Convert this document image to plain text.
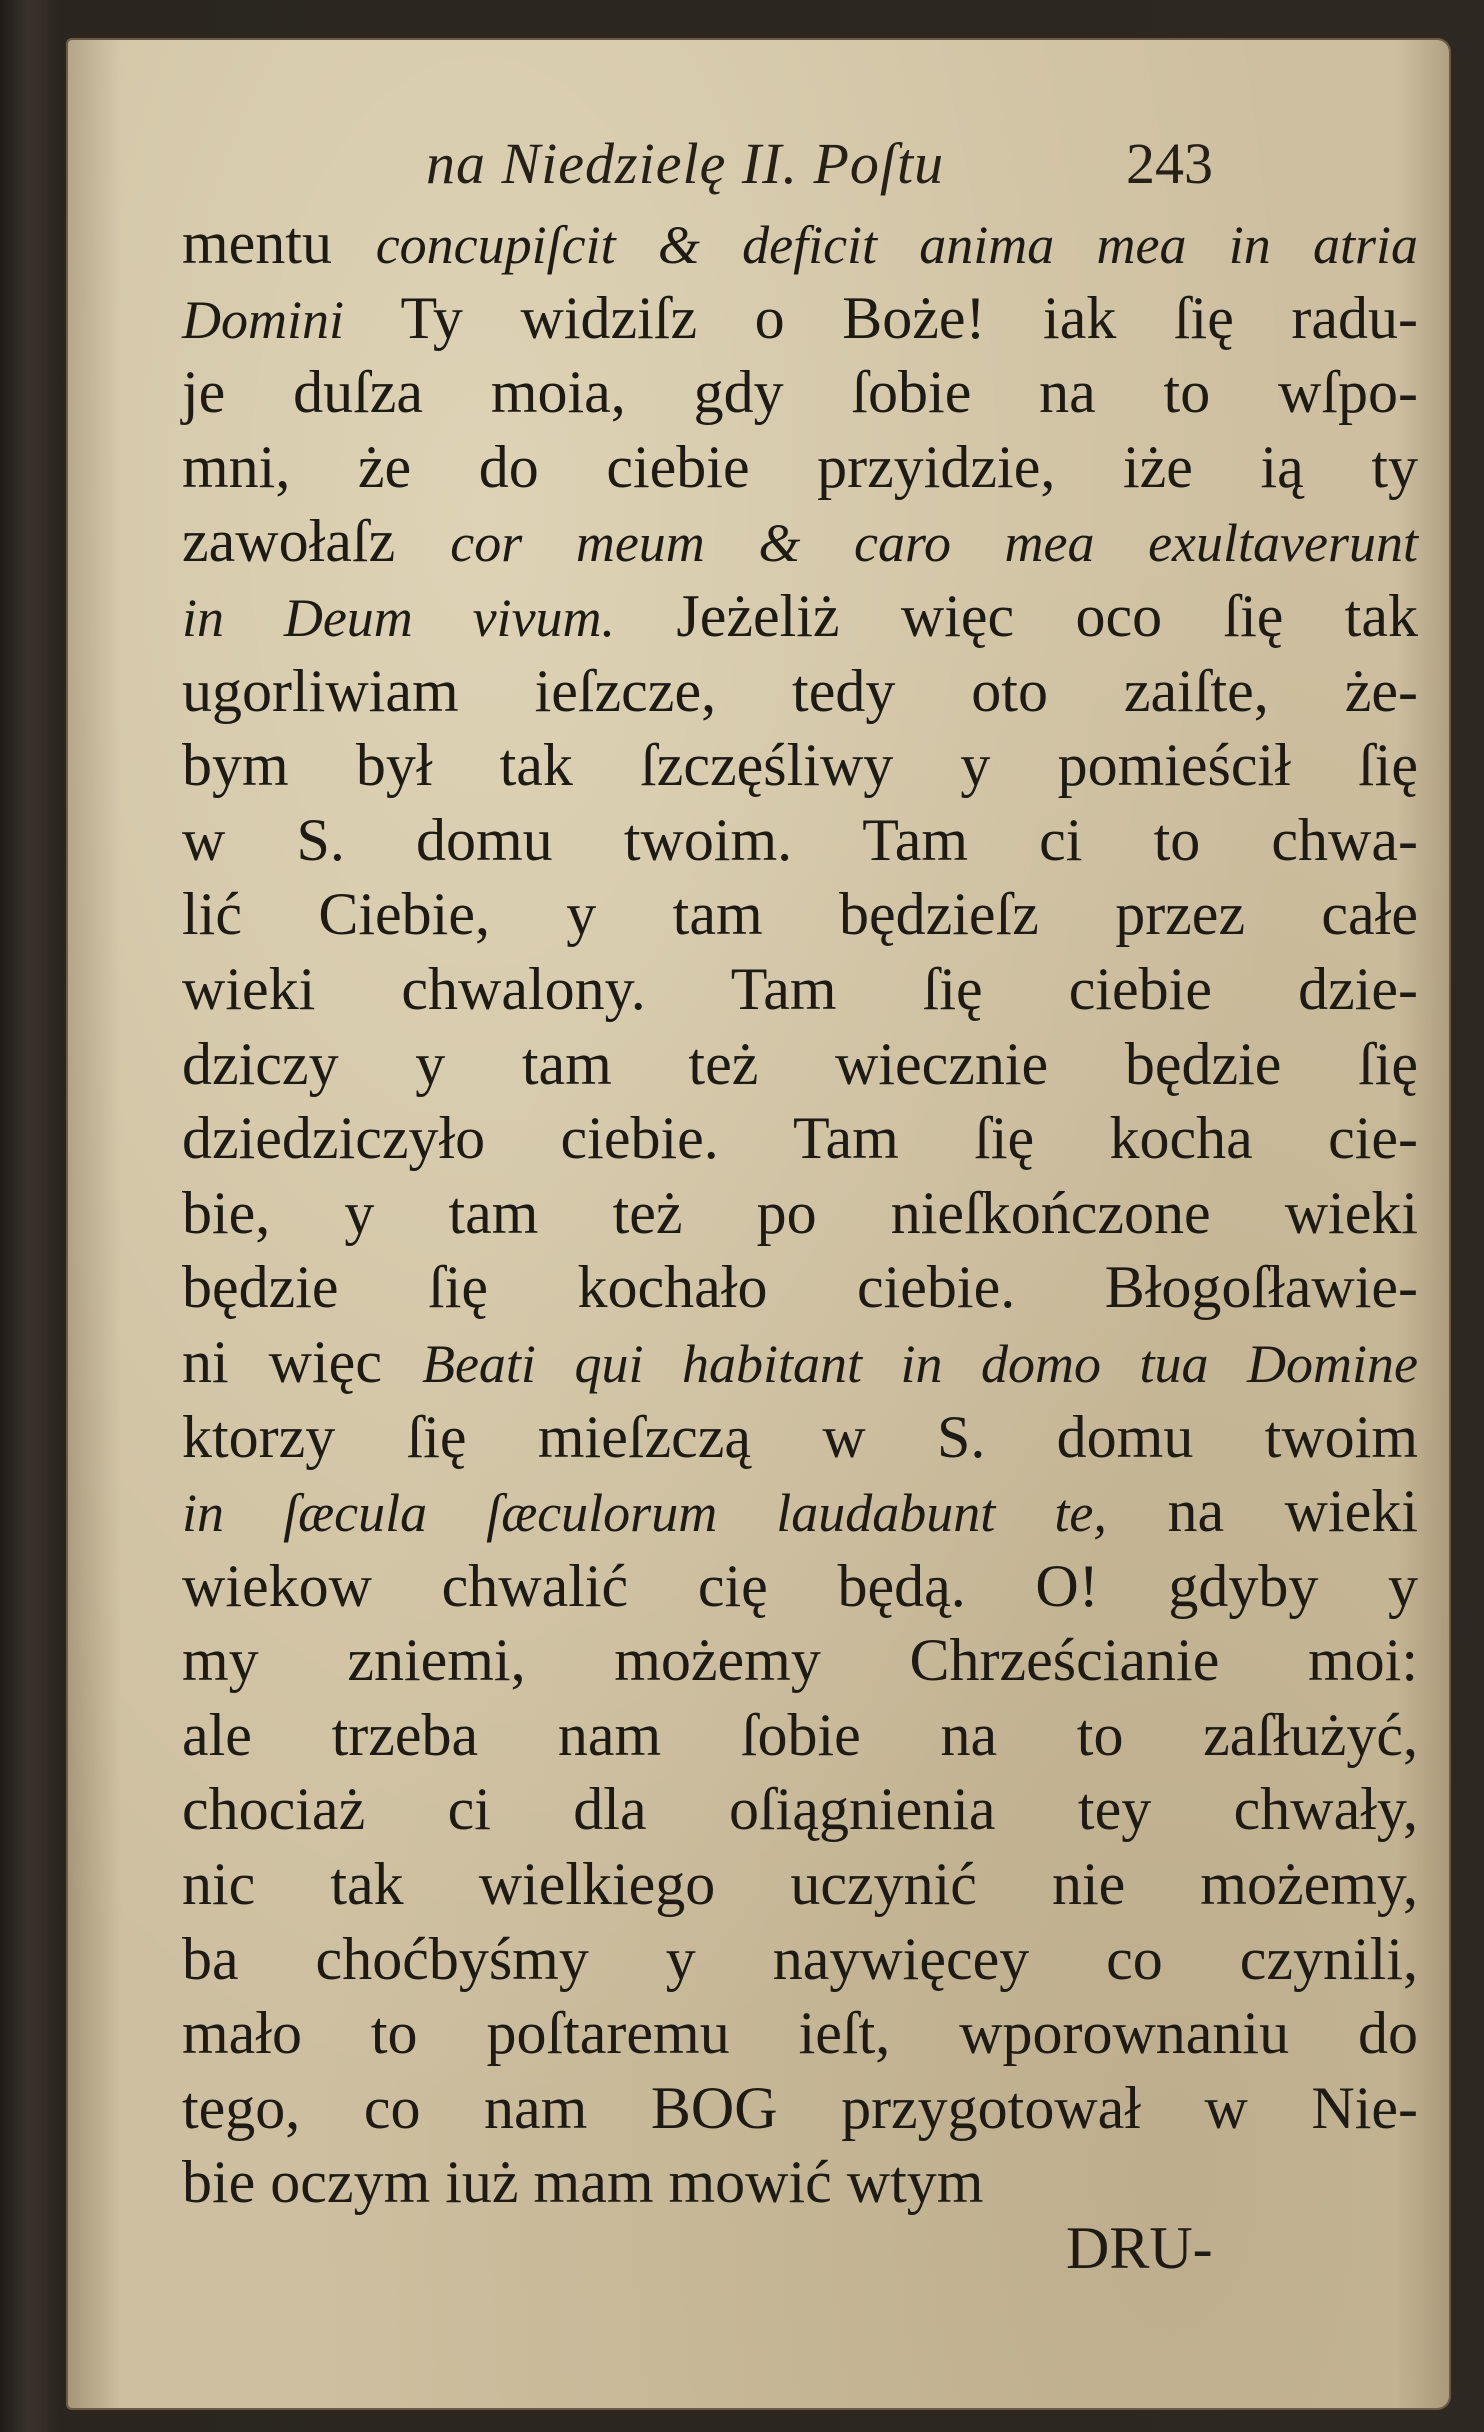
na Niedzielę II. Poſtu	243
mentu concupiſcit & deficit anima mea in atria
Domini Ty widziſz o Boże! iak ſię radu-
je duſza moia, gdy ſobie na to wſpo-
mni, że do ciebie przyidzie, iże ią ty
zawołaſz cor meum & caro mea exultaverunt
in Deum vivum. Jeżeliż więc oco ſię tak
ugorliwiam ieſzcze, tedy oto zaiſte, że-
bym był tak ſzczęśliwy y pomieścił ſię
w S. domu twoim. Tam ci to chwa-
lić Ciebie, y tam będzieſz przez całe
wieki chwalony. Tam ſię ciebie dzie-
dziczy y tam też wiecznie będzie ſię
dziedziczyło ciebie. Tam ſię kocha cie-
bie, y tam też po nieſkończone wieki
będzie ſię kochało ciebie. Błogoſławie-
ni więc Beati qui habitant in domo tua Domine
ktorzy ſię mieſzczą w S. domu twoim
in ſæcula ſæculorum laudabunt te, na wieki
wiekow chwalić cię będą. O! gdyby y
my zniemi, możemy Chrześcianie moi:
ale trzeba nam ſobie na to zaſłużyć,
chociaż ci dla oſiągnienia tey chwały,
nic tak wielkiego uczynić nie możemy,
ba choćbyśmy y naywięcey co czynili,
mało to poſtaremu ieſt, wporownaniu do
tego, co nam BOG przygotował w Nie-
bie oczym iuż mam mowić wtym
DRU-
